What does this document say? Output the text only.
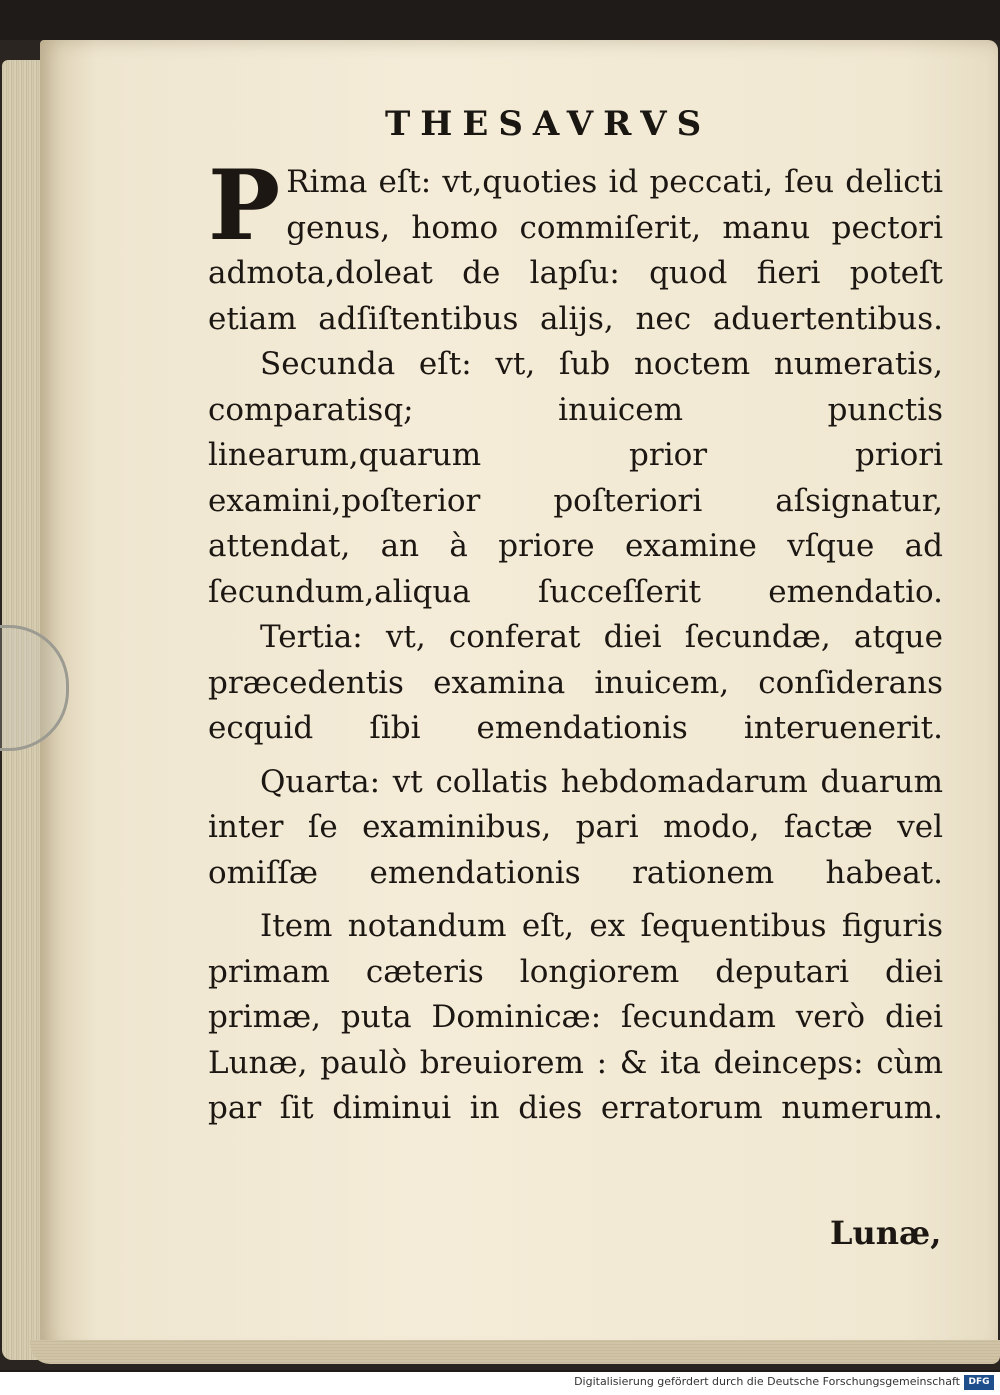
THESAVRVS

P Rima eſt: vt,quoties id peccati, ſeu delicti genus, homo commiſerit, manu pectori admota,doleat de lapſu: quod fieri poteſt etiam adſiſtentibus alijs, nec aduertentibus.

Secunda eſt: vt, ſub noctem numeratis, comparatisq; inuicem punctis linearum,quarum prior priori examini,poſterior poſteriori aſsignatur, attendat, an à priore examine vſque ad ſecundum,aliqua ſucceſſerit emendatio.

Tertia: vt, conferat diei ſecundæ, atque præcedentis examina inuicem, conſiderans ecquid ſibi emendationis interuenerit.

Quarta: vt collatis hebdomadarum duarum inter ſe examinibus, pari modo, factæ vel omiſſæ emendationis rationem habeat.

Item notandum eſt, ex ſequentibus figuris primam cæteris longiorem deputari diei primæ, puta Dominicæ: ſecundam verò diei Lunæ, paulò breuiorem : & ita deinceps: cùm par ſit diminui in dies erratorum numerum.

Lunæ,
Digitalisierung gefördert durch die Deutsche Forschungsgemeinschaft DFG
